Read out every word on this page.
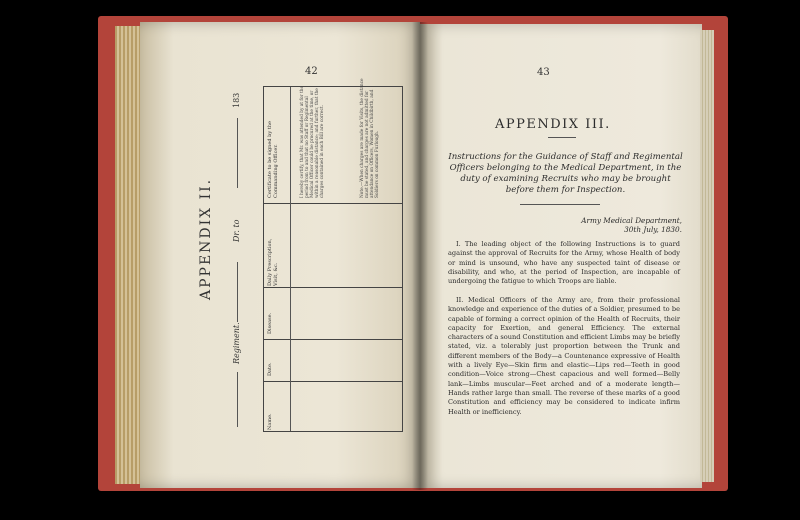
42
APPENDIX II.
Regiment.
Dr. to
183
Name.
Date.
Disease.
Daily Prescription, Visit, &c.
Certificate to be signed by the Commanding Officer.	I hereby certify, that Mr. was attended by at for the period from to and that no Staff or Regimental Medical Officer could be procured at the time, or within a reasonable distance; and further, that the charges contained in each Bill are correct.	Note.—When charges are made for Visits, the distance must be stated, and charges are not admitted for attendance on Officers, Women in Childbirth, and Soldiers on common Furlough.
43
APPENDIX III.
Instructions for the Guidance of Staff and Regimental Officers belonging to the Medical Department, in the duty of examining Recruits who may be brought before them for Inspection.
Army Medical Department,
30th July, 1830.
I. The leading object of the following Instructions is to guard against the approval of Recruits for the Army, whose Health of body or mind is unsound, who have any suspected taint of disease or disability, and who, at the period of Inspection, are incapable of undergoing the fatigue to which Troops are liable.
II. Medical Officers of the Army are, from their professional knowledge and experience of the duties of a Soldier, presumed to be capable of forming a correct opinion of the Health of Recruits, their capacity for Exertion, and general Efficiency. The external characters of a sound Constitution and efficient Limbs may be briefly stated, viz. a tolerably just proportion between the Trunk and different members of the Body—a Countenance expressive of Health with a lively Eye—Skin firm and elastic—Lips red—Teeth in good condition—Voice strong—Chest capacious and well formed—Belly lank—Limbs muscular—Feet arched and of a moderate length—Hands rather large than small. The reverse of these marks of a good Constitution and efficiency may be considered to indicate infirm Health or inefficiency.
